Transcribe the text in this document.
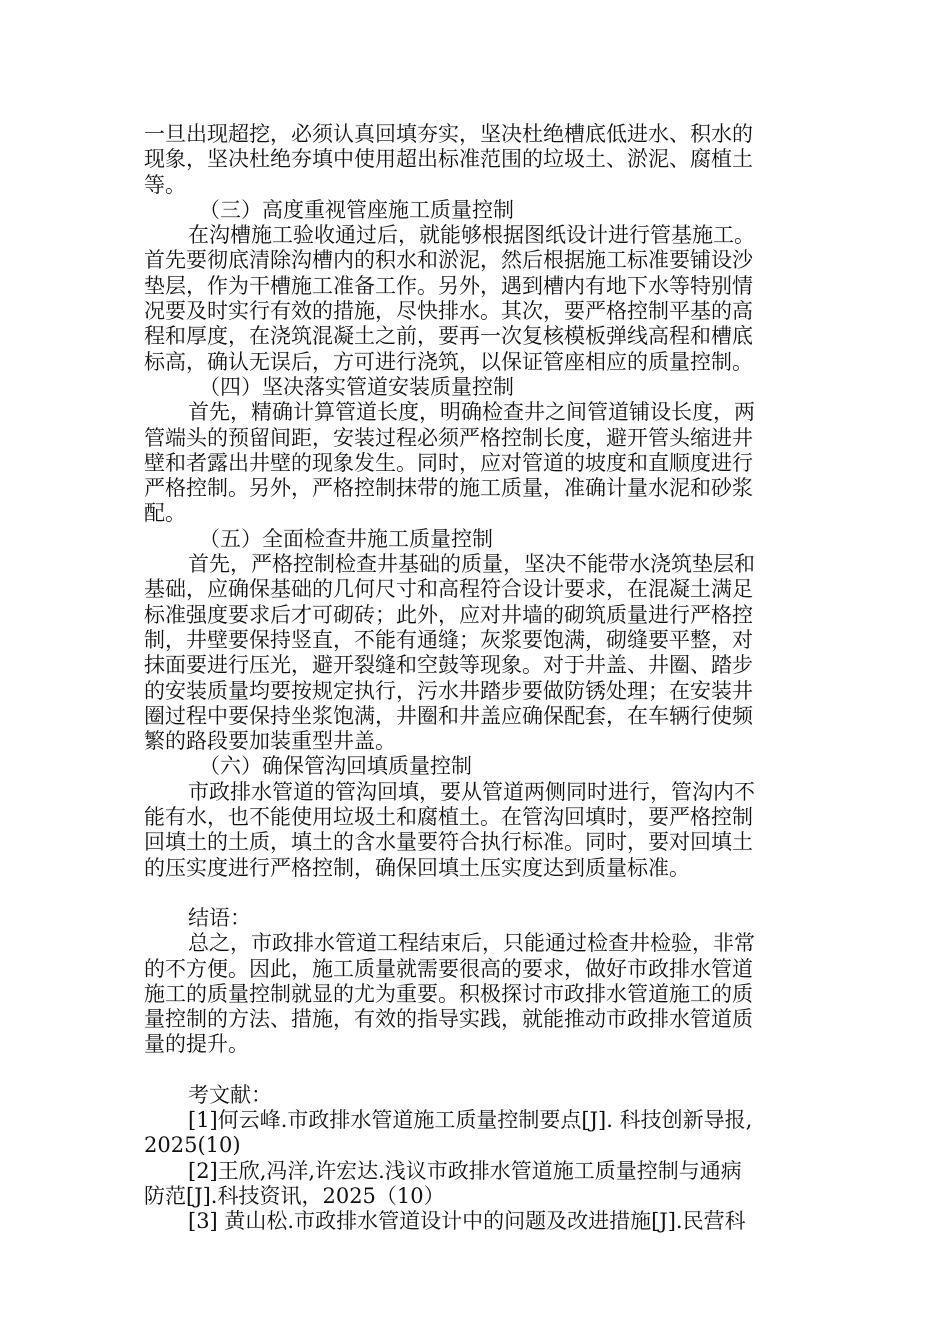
一旦出现超挖，必须认真回填夯实，坚决杜绝槽底低进水、积水的
现象，坚决杜绝夯填中使用超出标准范围的垃圾土、淤泥、腐植土
等。
（三）高度重视管座施工质量控制
在沟槽施工验收通过后，就能够根据图纸设计进行管基施工。
首先要彻底清除沟槽内的积水和淤泥，然后根据施工标准要铺设沙
垫层，作为干槽施工准备工作。另外，遇到槽内有地下水等特别情
况要及时实行有效的措施，尽快排水。其次，要严格控制平基的高
程和厚度，在浇筑混凝土之前，要再一次复核模板弹线高程和槽底
标高，确认无误后，方可进行浇筑，以保证管座相应的质量控制。
（四）坚决落实管道安装质量控制
首先，精确计算管道长度，明确检查井之间管道铺设长度，两
管端头的预留间距，安装过程必须严格控制长度，避开管头缩进井
壁和者露出井壁的现象发生。同时，应对管道的坡度和直顺度进行
严格控制。另外，严格控制抹带的施工质量，准确计量水泥和砂浆
配。
（五）全面检查井施工质量控制
首先，严格控制检查井基础的质量，坚决不能带水浇筑垫层和
基础，应确保基础的几何尺寸和高程符合设计要求，在混凝土满足
标准强度要求后才可砌砖；此外，应对井墙的砌筑质量进行严格控
制，井壁要保持竖直，不能有通缝；灰浆要饱满，砌缝要平整，对
抹面要进行压光，避开裂缝和空鼓等现象。对于井盖、井圈、踏步
的安装质量均要按规定执行，污水井踏步要做防锈处理；在安装井
圈过程中要保持坐浆饱满，井圈和井盖应确保配套，在车辆行使频
繁的路段要加装重型井盖。
（六）确保管沟回填质量控制
市政排水管道的管沟回填，要从管道两侧同时进行，管沟内不
能有水，也不能使用垃圾土和腐植土。在管沟回填时，要严格控制
回填土的土质，填土的含水量要符合执行标准。同时，要对回填土
的压实度进行严格控制，确保回填土压实度达到质量标准。
结语：
总之，市政排水管道工程结束后，只能通过检查井检验，非常
的不方便。因此，施工质量就需要很高的要求，做好市政排水管道
施工的质量控制就显的尤为重要。积极探讨市政排水管道施工的质
量控制的方法、措施，有效的指导实践，就能推动市政排水管道质
量的提升。
考文献：
[1]何云峰.市政排水管道施工质量控制要点[J]. 科技创新导报,
2025(10)
[2]王欣,冯洋,许宏达.浅议市政排水管道施工质量控制与通病
防范[J].科技资讯，2025（10）
[3] 黄山松.市政排水管道设计中的问题及改进措施[J].民营科
